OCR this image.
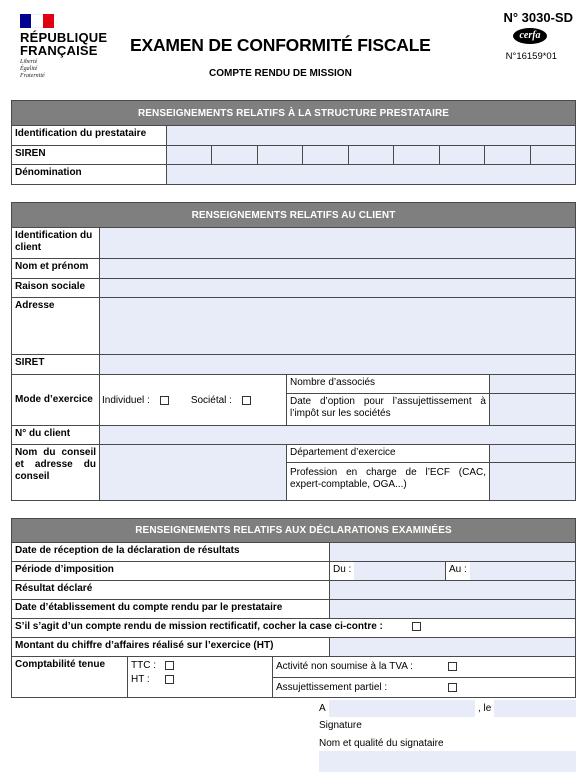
RÉPUBLIQUE
FRANÇAISE
Liberté
Égalité
Fraternité
EXAMEN DE CONFORMITÉ FISCALE
COMPTE RENDU DE MISSION
N° 3030-SD
cerfa
N°16159*01
RENSEIGNEMENTS RELATIFS À LA STRUCTURE PRESTATAIRE
Identification du prestataire
SIREN
Dénomination
RENSEIGNEMENTS RELATIFS AU CLIENT
Identification du client
Nom et prénom
Raison sociale
Adresse
SIRET
Mode d’exercice Individuel :	Sociétal :
Nombre d’associés
Date d’option pour l’assujettissement à l’impôt sur les sociétés
N° du client
Nom du conseil et adresse du conseil
Département d’exercice
Profession en charge de l’ECF (CAC, expert-comptable, OGA...)
RENSEIGNEMENTS RELATIFS AUX DÉCLARATIONS EXAMINÉES
Date de réception de la déclaration de résultats
Période d’imposition	Du :	Au :
Résultat déclaré
Date d’établissement du compte rendu par le prestataire
S’il s’agit d’un compte rendu de mission rectificatif, cocher la case ci-contre :
Montant du chiffre d’affaires réalisé sur l’exercice (HT)
Comptabilité tenue	TTC :
HT :
Activité non soumise à la TVA :
Assujettissement partiel :
A	, le
Signature
Nom et qualité du signataire
